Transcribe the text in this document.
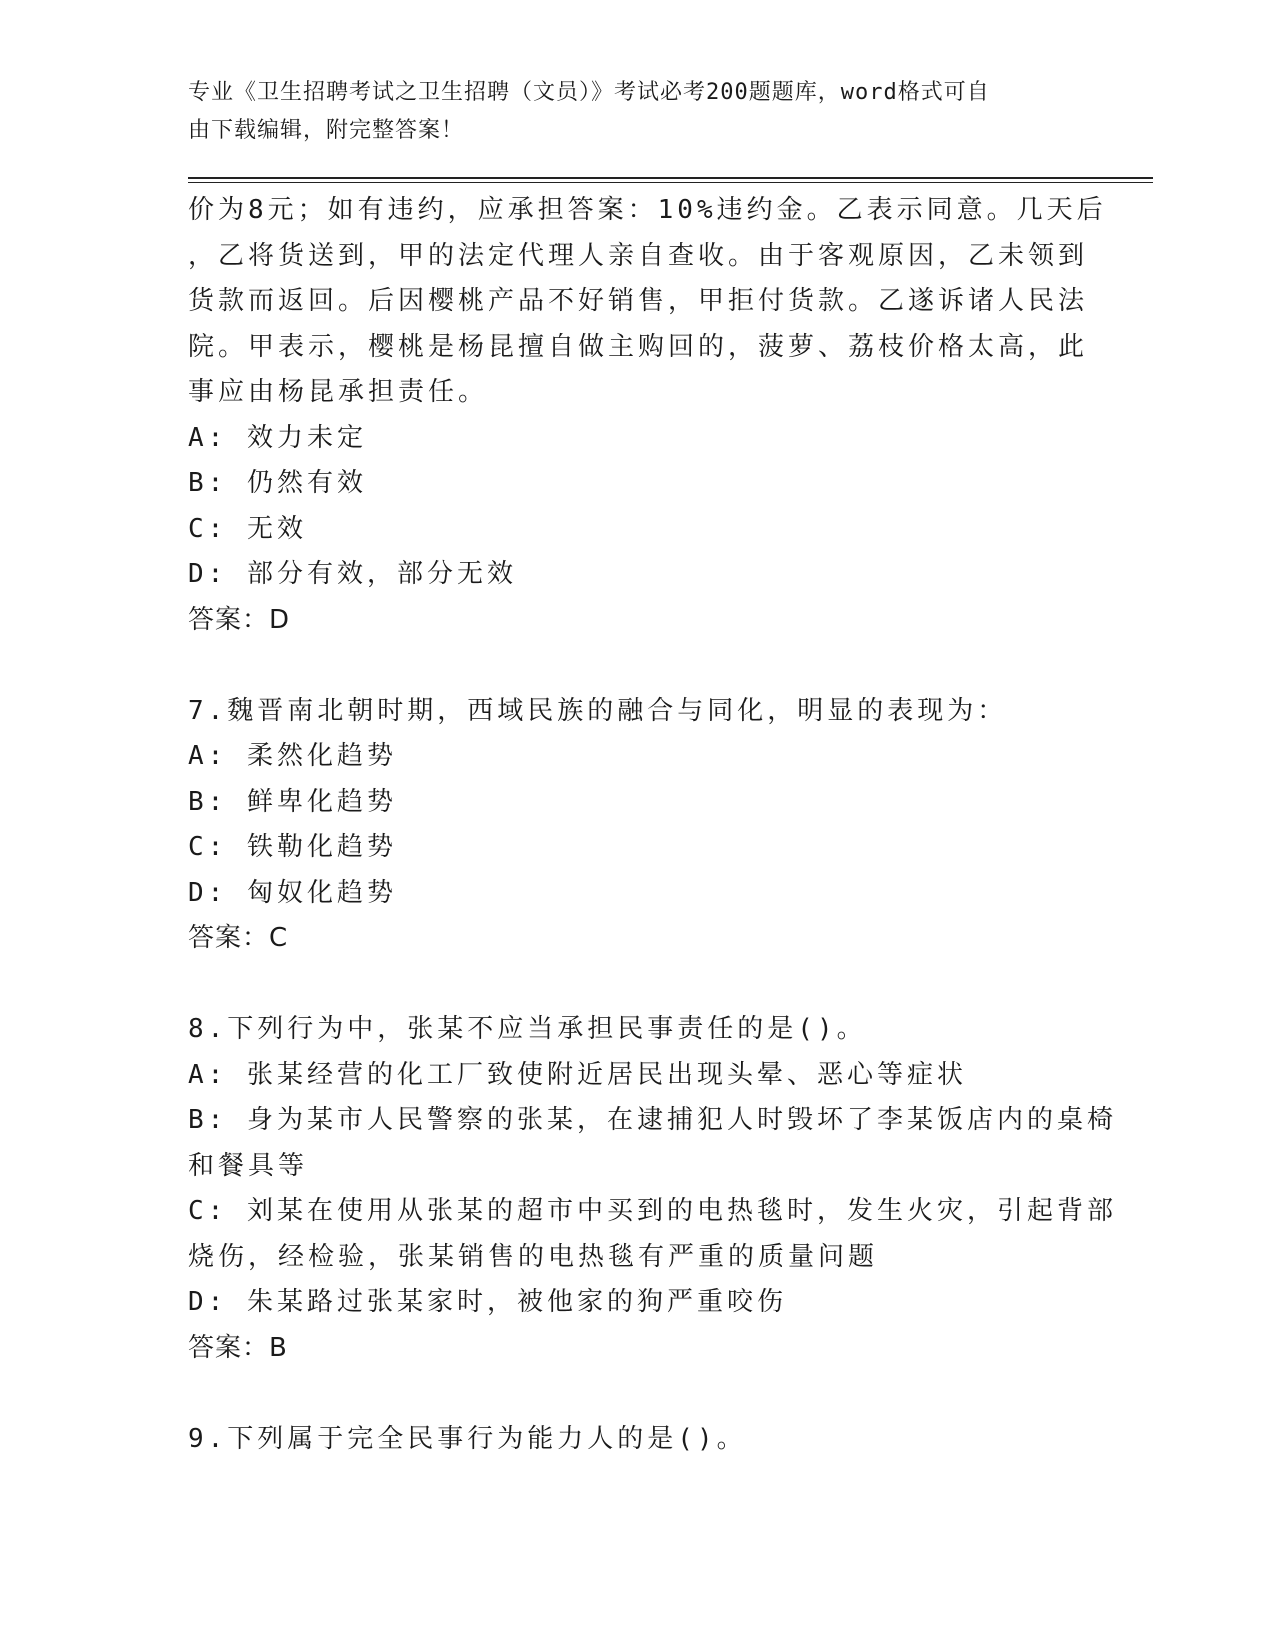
专业《卫生招聘考试之卫生招聘（文员）》考试必考200题题库，word格式可自
由下载编辑，附完整答案！
价为8元；如有违约，应承担答案：10%违约金。乙表示同意。几天后
，乙将货送到，甲的法定代理人亲自查收。由于客观原因，乙未领到
货款而返回。后因樱桃产品不好销售，甲拒付货款。乙遂诉诸人民法
院。甲表示，樱桃是杨昆擅自做主购回的，菠萝、荔枝价格太高，此
事应由杨昆承担责任。
A: 效力未定
B: 仍然有效
C: 无效
D: 部分有效，部分无效
答案：D
7.魏晋南北朝时期，西域民族的融合与同化，明显的表现为：
A: 柔然化趋势
B: 鲜卑化趋势
C: 铁勒化趋势
D: 匈奴化趋势
答案：C
8.下列行为中，张某不应当承担民事责任的是()。
A: 张某经营的化工厂致使附近居民出现头晕、恶心等症状
B: 身为某市人民警察的张某，在逮捕犯人时毁坏了李某饭店内的桌椅
和餐具等
C: 刘某在使用从张某的超市中买到的电热毯时，发生火灾，引起背部
烧伤，经检验，张某销售的电热毯有严重的质量问题
D: 朱某路过张某家时，被他家的狗严重咬伤
答案：B
9.下列属于完全民事行为能力人的是()。
